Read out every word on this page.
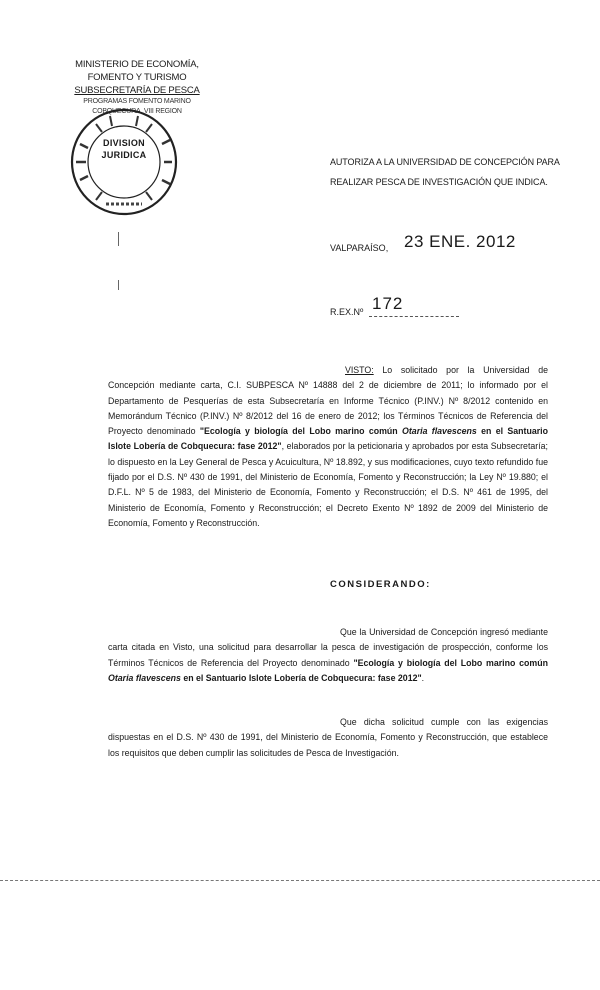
MINISTERIO DE ECONOMÍA,
FOMENTO Y TURISMO
SUBSECRETARÍA DE PESCA
PROGRAMAS FOMENTO MARINO
COBQUECURA, VIII REGION
DIVISION
JURIDICA
AUTORIZA A LA UNIVERSIDAD DE CONCEPCIÓN PARA REALIZAR PESCA DE INVESTIGACIÓN QUE INDICA.
VALPARAÍSO, 23 ENE. 2012
R.EX.Nº 172
VISTO: Lo solicitado por la Universidad de Concepción mediante carta, C.I. SUBPESCA Nº 14888 del 2 de diciembre de 2011; lo informado por el Departamento de Pesquerías de esta Subsecretaría en Informe Técnico (P.INV.) Nº 8/2012 contenido en Memorándum Técnico (P.INV.) Nº 8/2012 del 16 de enero de 2012; los Términos Técnicos de Referencia del Proyecto denominado "Ecología y biología del Lobo marino común Otaria flavescens en el Santuario Islote Lobería de Cobquecura: fase 2012", elaborados por la peticionaria y aprobados por esta Subsecretaría; lo dispuesto en la Ley General de Pesca y Acuicultura, Nº 18.892, y sus modificaciones, cuyo texto refundido fue fijado por el D.S. Nº 430 de 1991, del Ministerio de Economía, Fomento y Reconstrucción; la Ley Nº 19.880; el D.F.L. Nº 5 de 1983, del Ministerio de Economía, Fomento y Reconstrucción; el D.S. Nº 461 de 1995, del Ministerio de Economía, Fomento y Reconstrucción; el Decreto Exento Nº 1892 de 2009 del Ministerio de Economía, Fomento y Reconstrucción.
CONSIDERANDO:
Que la Universidad de Concepción ingresó mediante carta citada en Visto, una solicitud para desarrollar la pesca de investigación de prospección, conforme los Términos Técnicos de Referencia del Proyecto denominado "Ecología y biología del Lobo marino común Otaria flavescens en el Santuario Islote Lobería de Cobquecura: fase 2012".
Que dicha solicitud cumple con las exigencias dispuestas en el D.S. Nº 430 de 1991, del Ministerio de Economía, Fomento y Reconstrucción, que establece los requisitos que deben cumplir las solicitudes de Pesca de Investigación.
